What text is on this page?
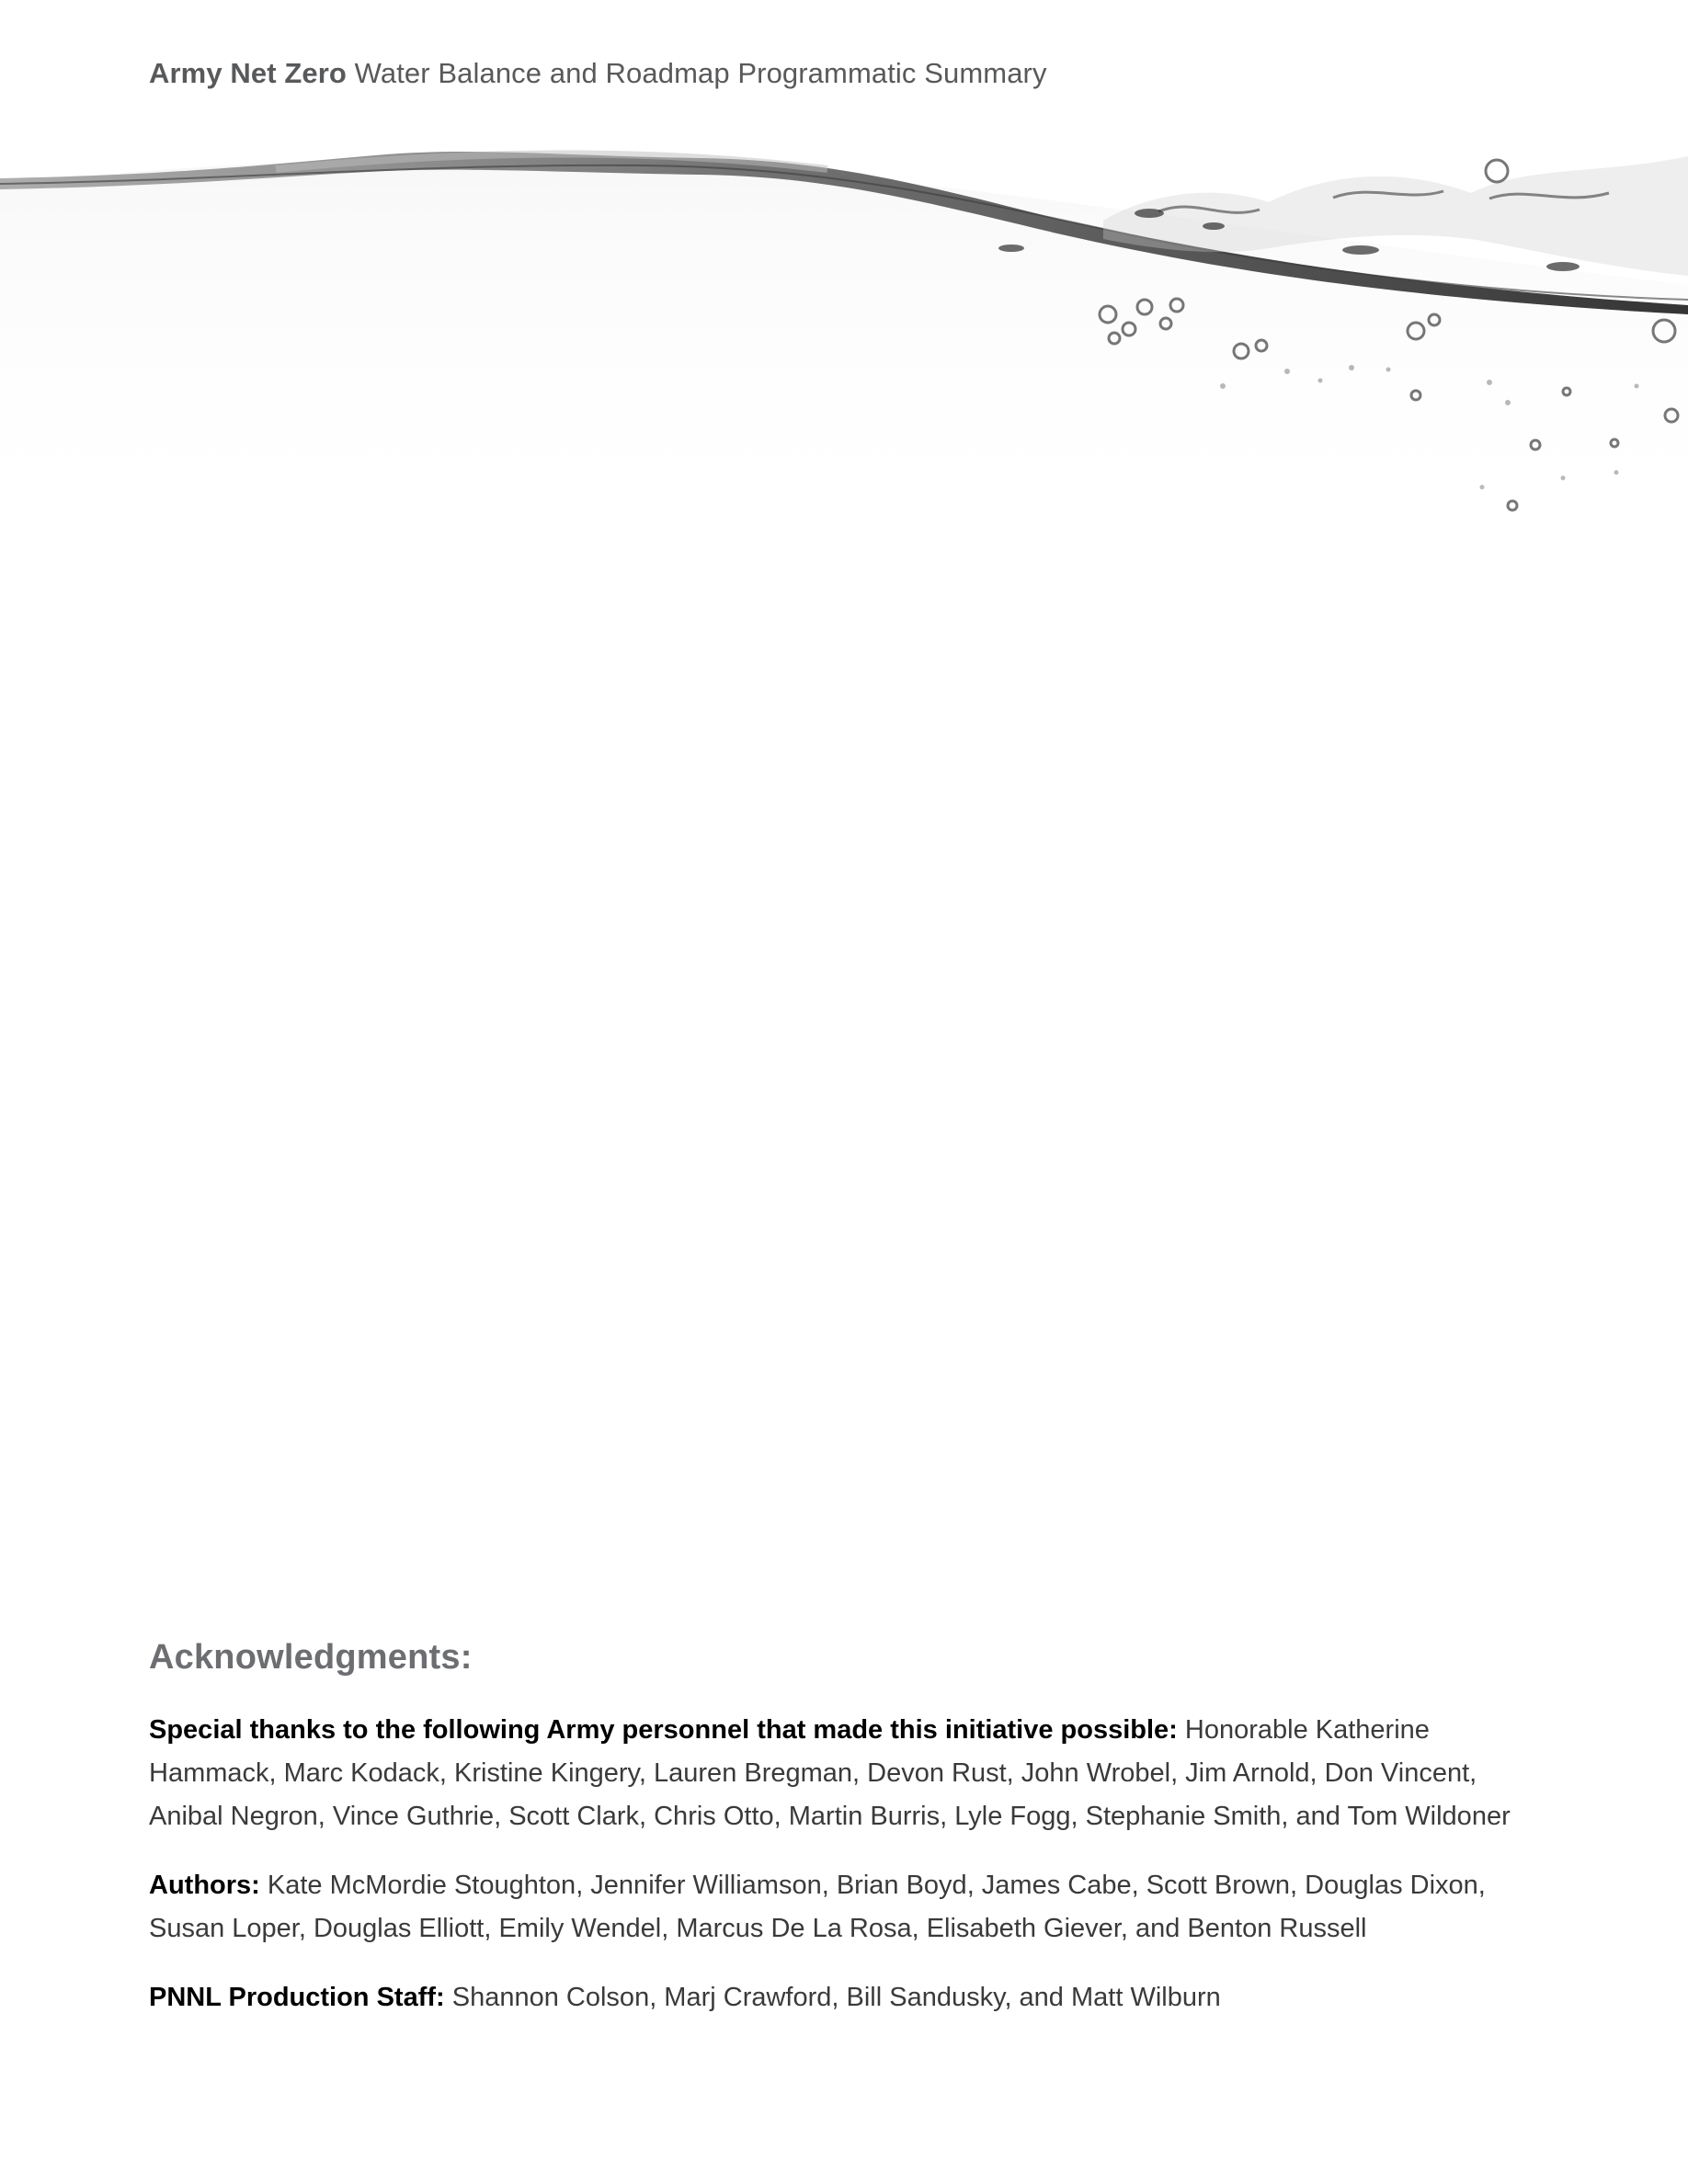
Army Net Zero Water Balance and Roadmap Programmatic Summary
Acknowledgments:

Special thanks to the following Army personnel that made this initiative possible: Honorable Katherine Hammack, Marc Kodack, Kristine Kingery, Lauren Bregman, Devon Rust, John Wrobel, Jim Arnold, Don Vincent, Anibal Negron, Vince Guthrie, Scott Clark, Chris Otto, Martin Burris, Lyle Fogg, Stephanie Smith, and Tom Wildoner

Authors: Kate McMordie Stoughton, Jennifer Williamson, Brian Boyd, James Cabe, Scott Brown, Douglas Dixon, Susan Loper, Douglas Elliott, Emily Wendel, Marcus De La Rosa, Elisabeth Giever, and Benton Russell

PNNL Production Staff: Shannon Colson, Marj Crawford, Bill Sandusky, and Matt Wilburn
